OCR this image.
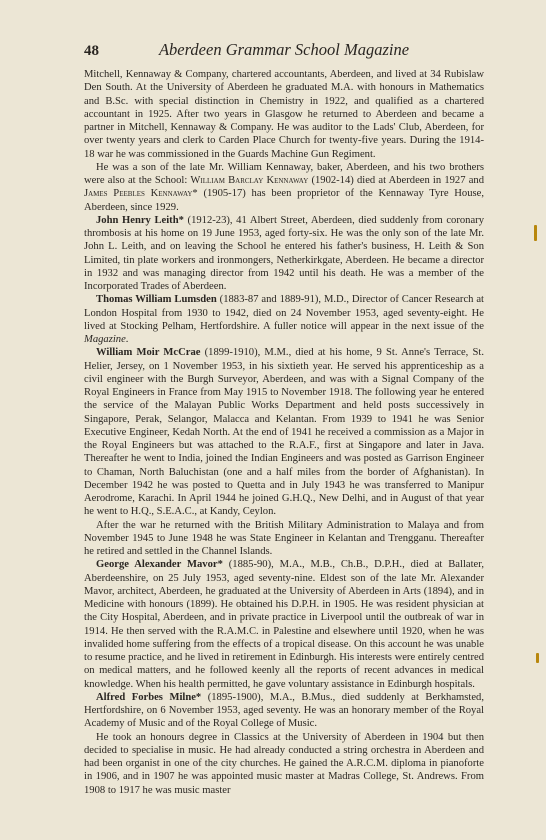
48	Aberdeen Grammar School Magazine

Mitchell, Kennaway & Company, chartered accountants, Aberdeen, and lived at 34 Rubislaw Den South. At the University of Aberdeen he graduated M.A. with honours in Mathematics and B.Sc. with special distinction in Chemistry in 1922, and qualified as a chartered accountant in 1925. After two years in Glasgow he returned to Aberdeen and became a partner in Mitchell, Kennaway & Company. He was auditor to the Lads' Club, Aberdeen, for over twenty years and clerk to Carden Place Church for twenty-five years. During the 1914-18 war he was commissioned in the Guards Machine Gun Regiment.

He was a son of the late Mr. William Kennaway, baker, Aberdeen, and his two brothers were also at the School: William Barclay Kennaway (1902-14) died at Aberdeen in 1927 and James Peebles Kennaway* (1905-17) has been proprietor of the Kennaway Tyre House, Aberdeen, since 1929.

John Henry Leith* (1912-23), 41 Albert Street, Aberdeen, died suddenly from coronary thrombosis at his home on 19 June 1953, aged forty-six. He was the only son of the late Mr. John L. Leith, and on leaving the School he entered his father's business, H. Leith & Son Limited, tin plate workers and ironmongers, Netherkirkgate, Aberdeen. He became a director in 1932 and was managing director from 1942 until his death. He was a member of the Incorporated Trades of Aberdeen.

Thomas William Lumsden (1883-87 and 1889-91), M.D., Director of Cancer Research at London Hospital from 1930 to 1942, died on 24 November 1953, aged seventy-eight. He lived at Stocking Pelham, Hertfordshire. A fuller notice will appear in the next issue of the Magazine.

William Moir McCrae (1899-1910), M.M., died at his home, 9 St. Anne's Terrace, St. Helier, Jersey, on 1 November 1953, in his sixtieth year. He served his apprenticeship as a civil engineer with the Burgh Surveyor, Aberdeen, and was with a Signal Company of the Royal Engineers in France from May 1915 to November 1918. The following year he entered the service of the Malayan Public Works Department and held posts successively in Singapore, Perak, Selangor, Malacca and Kelantan. From 1939 to 1941 he was Senior Executive Engineer, Kedah North. At the end of 1941 he received a commission as a Major in the Royal Engineers but was attached to the R.A.F., first at Singapore and later in Java. Thereafter he went to India, joined the Indian Engineers and was posted as Garrison Engineer to Chaman, North Baluchistan (one and a half miles from the border of Afghanistan). In December 1942 he was posted to Quetta and in July 1943 he was transferred to Manipur Aerodrome, Karachi. In April 1944 he joined G.H.Q., New Delhi, and in August of that year he went to H.Q., S.E.A.C., at Kandy, Ceylon.

After the war he returned with the British Military Administration to Malaya and from November 1945 to June 1948 he was State Engineer in Kelantan and Trengganu. Thereafter he retired and settled in the Channel Islands.

George Alexander Mavor* (1885-90), M.A., M.B., Ch.B., D.P.H., died at Ballater, Aberdeenshire, on 25 July 1953, aged seventy-nine. Eldest son of the late Mr. Alexander Mavor, architect, Aberdeen, he graduated at the University of Aberdeen in Arts (1894), and in Medicine with honours (1899). He obtained his D.P.H. in 1905. He was resident physician at the City Hospital, Aberdeen, and in private practice in Liverpool until the outbreak of war in 1914. He then served with the R.A.M.C. in Palestine and elsewhere until 1920, when he was invalided home suffering from the effects of a tropical disease. On this account he was unable to resume practice, and he lived in retirement in Edinburgh. His interests were entirely centred on medical matters, and he followed keenly all the reports of recent advances in medical knowledge. When his health permitted, he gave voluntary assistance in Edinburgh hospitals.

Alfred Forbes Milne* (1895-1900), M.A., B.Mus., died suddenly at Berkhamsted, Hertfordshire, on 6 November 1953, aged seventy. He was an honorary member of the Royal Academy of Music and of the Royal College of Music.

He took an honours degree in Classics at the University of Aberdeen in 1904 but then decided to specialise in music. He had already conducted a string orchestra in Aberdeen and had been organist in one of the city churches. He gained the A.R.C.M. diploma in pianoforte in 1906, and in 1907 he was appointed music master at Madras College, St. Andrews. From 1908 to 1917 he was music master
